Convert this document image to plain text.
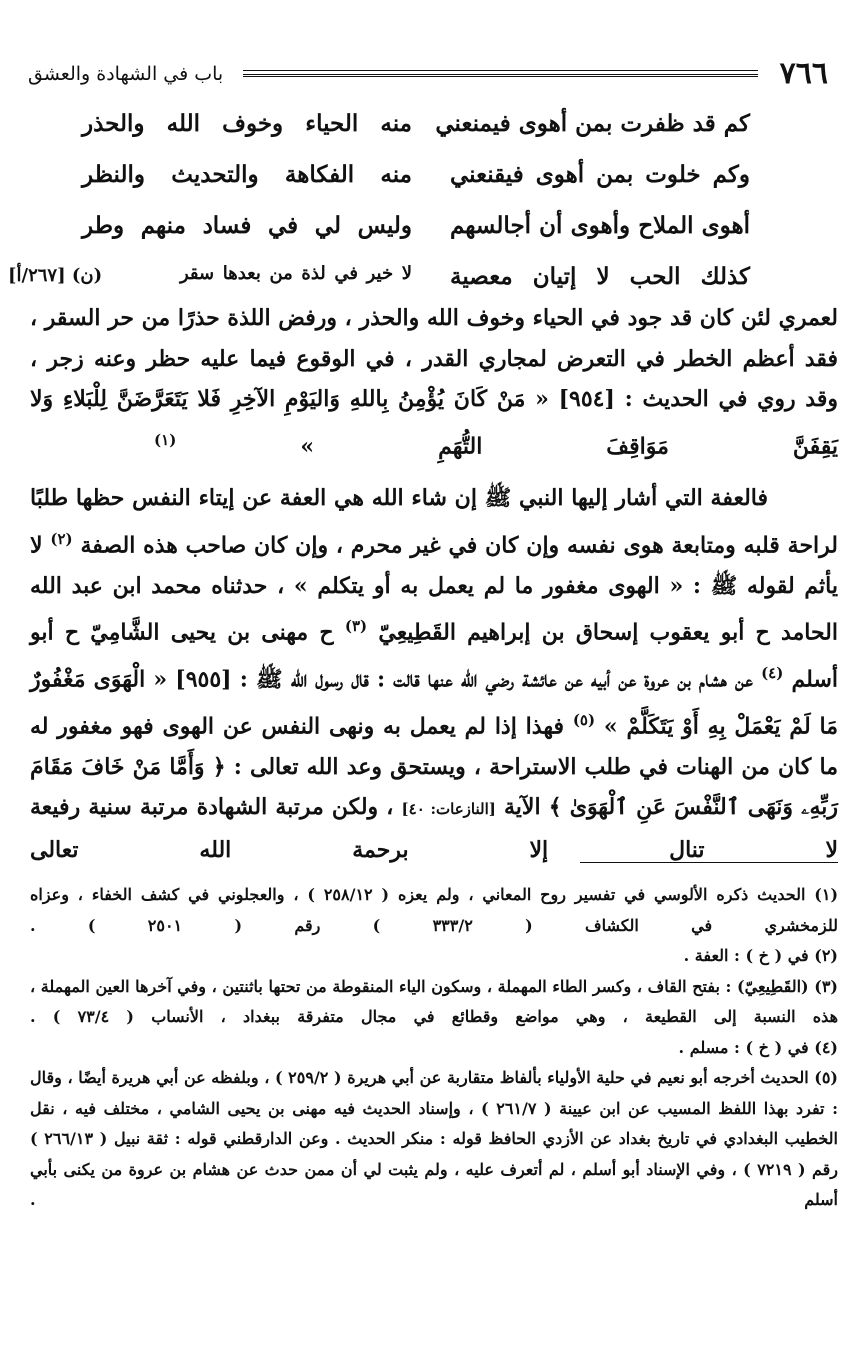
٧٦٦
باب في الشهادة والعشق
كم قد ظفرت بمن أهوى فيمنعني
منه الحياء وخوف الله والحذر
وكم خلوت بمن أهوى فيقنعني
منه الفكاهة والتحديث والنظر
أهوى الملاح وأهوى أن أجالسهم
وليس لي في فساد منهم وطر
كذلك الحب لا إتيان معصية
لا خير في لذة من بعدها سقر
(ن) [٢٦٧/أ]

لعمري لئن كان قد جود في الحياء وخوف الله والحذر ، ورفض اللذة حذرًا من حر السقر ، فقد أعظم الخطر في التعرض لمجاري القدر ، في الوقوع فيما عليه حظر وعنه زجر ، وقد روي في الحديث : [٩٥٤] « مَنْ كَانَ يُؤْمِنُ بِاللهِ وَاليَوْمِ الآخِرِ فَلا يَتَعَرَّضَنَّ لِلْبَلاءِ وَلا يَقِفَنَّ مَوَاقِفَ التُّهَمِ » $^{(١)}$

فالعفة التي أشار إليها النبي ﷺ إن شاء الله هي العفة عن إيتاء النفس حظها طلبًا لراحة قلبه ومتابعة هوى نفسه وإن كان في غير محرم ، وإن كان صاحب هذه الصفة $^{(٢)}$ لا يأثم لقوله ﷺ : « الهوى مغفور ما لم يعمل به أو يتكلم » ، حدثناه محمد ابن عبد الله الحامد ح أبو يعقوب إسحاق بن إبراهيم القَطِيعِيّ $^{(٣)}$ ح مهنى بن يحيى الشَّامِيّ ح أبو أسلم $^{(٤)}$ عن هشام بن عروة عن أبيه عن عائشة رضي الله عنها قالت : قال رسول الله ﷺ : [٩٥٥] « الْهَوَى مَغْفُورٌ مَا لَمْ يَعْمَلْ بِهِ أَوْ يَتَكَلَّمْ » $^{(٥)}$ فهذا إذا لم يعمل به ونهى النفس عن الهوى فهو مغفور له ما كان من الهنات في طلب الاستراحة ، ويستحق وعد الله تعالى : ﴿ وَأَمَّا مَنْ خَافَ مَقَامَ رَبِّهِۦ وَنَهَى ٱلنَّفْسَ عَنِ ٱلْهَوَىٰ ﴾ الآية [النازعات: ٤٠] ، ولكن مرتبة الشهادة مرتبة سنية رفيعة لا تنال إلا برحمة الله تعالى

(١) الحديث ذكره الألوسي في تفسير روح المعاني ، ولم يعزه ( ٢٥٨/١٢ ) ، والعجلوني في كشف الخفاء ، وعزاه للزمخشري في الكشاف ( ٣٣٣/٢ ) رقم ( ٢٥٠١ ) .

(٢) في ( خ ) : العفة .

(٣) (القَطِيعِيّ) : بفتح القاف ، وكسر الطاء المهملة ، وسكون الياء المنقوطة من تحتها باثنتين ، وفي آخرها العين المهملة ، هذه النسبة إلى القطيعة ، وهي مواضع وقطائع في مجال متفرقة ببغداد ، الأنساب ( ٧٣/٤ ) .

(٤) في ( خ ) : مسلم .

(٥) الحديث أخرجه أبو نعيم في حلية الأولياء بألفاظ متقاربة عن أبي هريرة ( ٢٥٩/٢ ) ، وبلفظه عن أبي هريرة أيضًا ، وقال : تفرد بهذا اللفظ المسيب عن ابن عيينة ( ٢٦١/٧ ) ، وإسناد الحديث فيه مهنى بن يحيى الشامي ، مختلف فيه ، نقل الخطيب البغدادي في تاريخ بغداد عن الأزدي الحافظ قوله : منكر الحديث . وعن الدارقطني قوله : ثقة نبيل ( ٢٦٦/١٣ ) رقم ( ٧٢١٩ ) ، وفي الإسناد أبو أسلم ، لم أتعرف عليه ، ولم يثبت لي أن ممن حدث عن هشام بن عروة من يكنى بأبي أسلم .
